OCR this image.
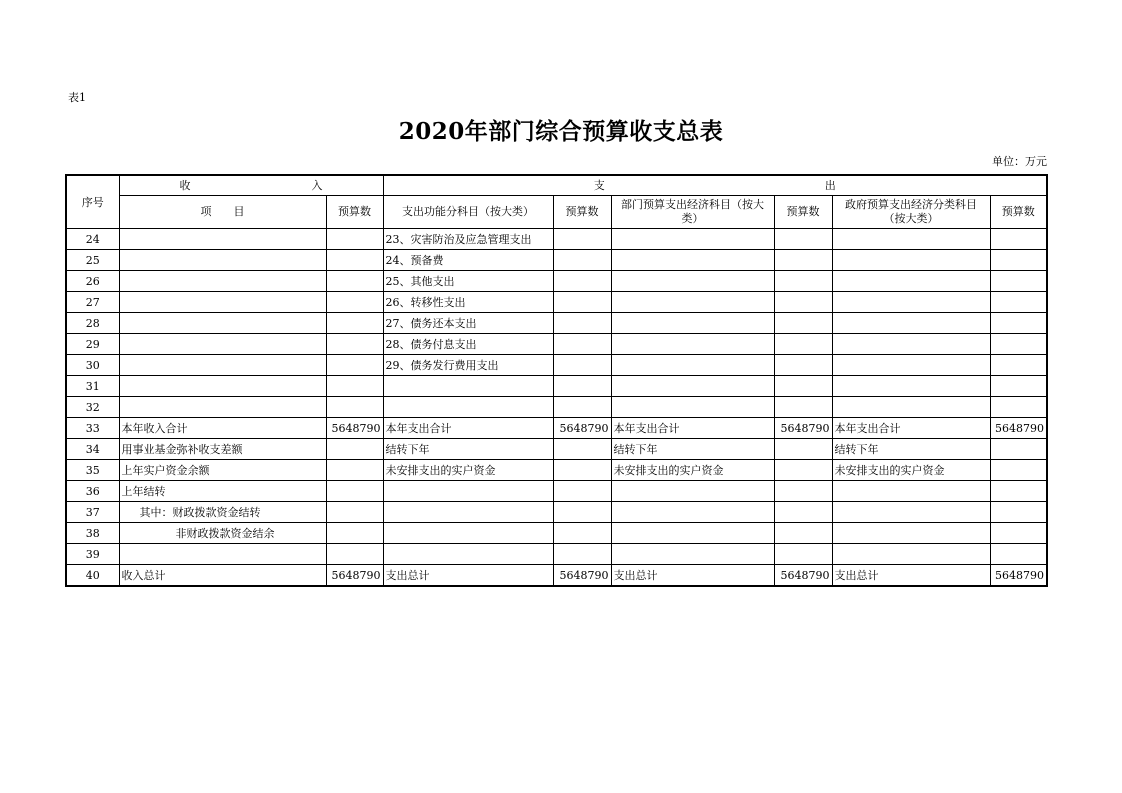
表1
2020年部门综合预算收支总表
单位：万元
序号	收　　　　　　　　　　　入		支　　　　　　　　　　　　　　　　　　　　出					
	项　　目	预算数	支出功能分科目（按大类）	预算数	部门预算支出经济科目（按大类）	预算数	政府预算支出经济分类科目（按大类）	预算数
24			23、灾害防治及应急管理支出					
25			24、预备费					
26			25、其他支出					
27			26、转移性支出					
28			27、债务还本支出					
29			28、债务付息支出					
30			29、债务发行费用支出					
31								
32								
33	本年收入合计	5648790	本年支出合计	5648790	本年支出合计	5648790	本年支出合计	5648790
34	用事业基金弥补收支差额		结转下年		结转下年		结转下年	
35	上年实户资金余额		未安排支出的实户资金		未安排支出的实户资金		未安排支出的实户资金	
36	上年结转							
37	其中：财政拨款资金结转							
38	非财政拨款资金结余							
39								
40	收入总计	5648790	支出总计	5648790	支出总计	5648790	支出总计	5648790
